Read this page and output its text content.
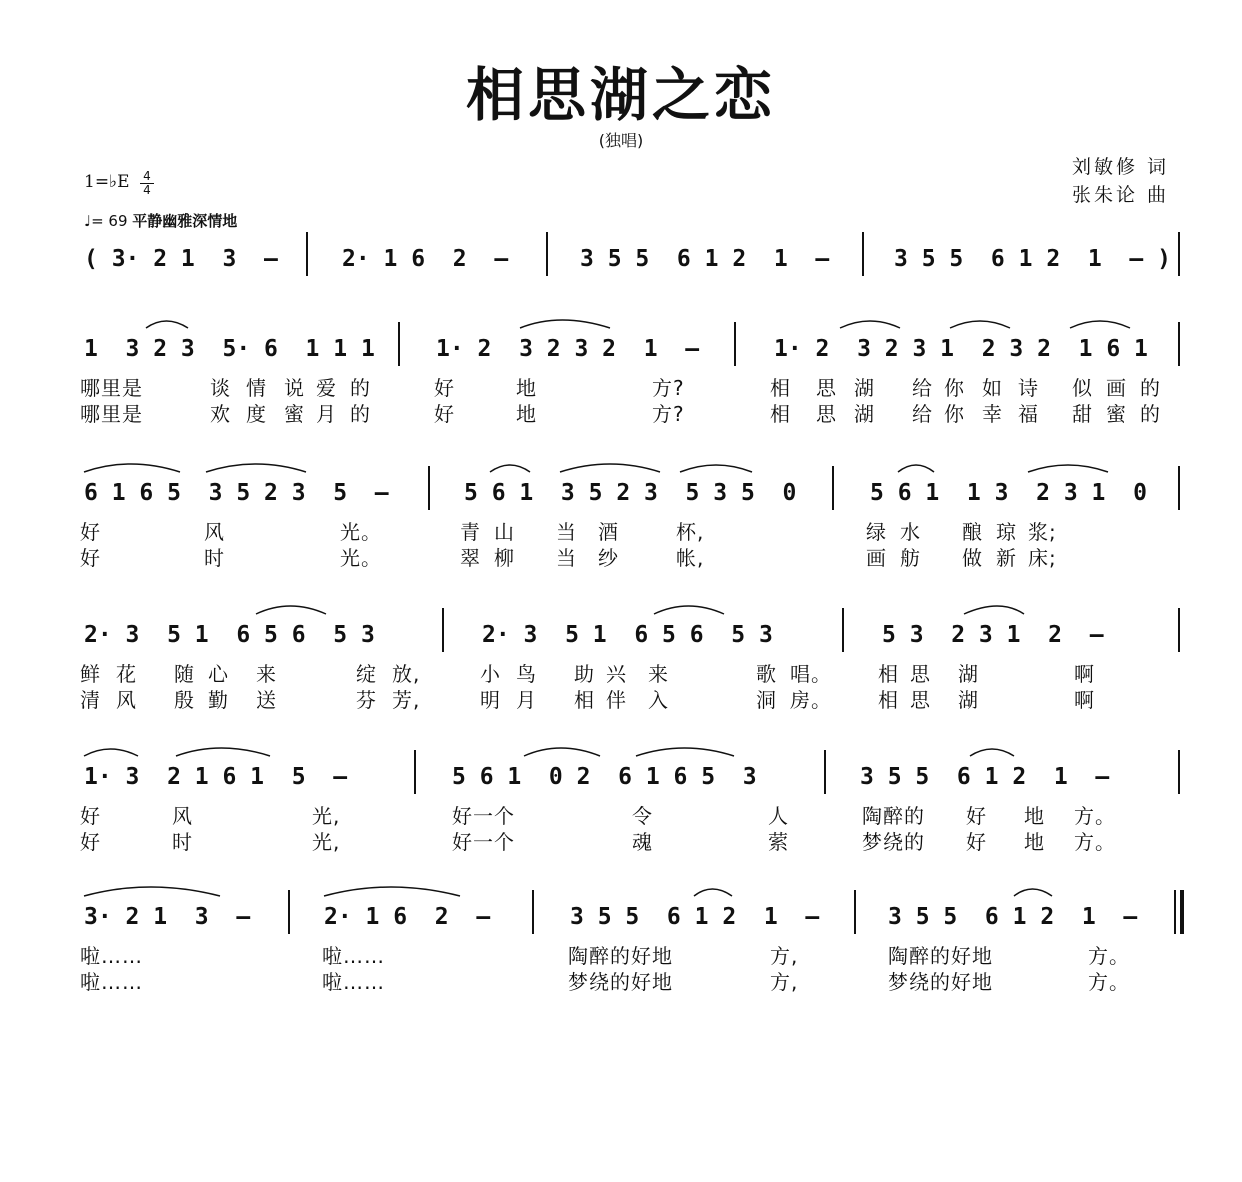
相思湖之恋
(独唱)
刘敏修 词
张朱论 曲
1=♭E 4
4
♩= 69 平静幽雅深情地

( 3· 2 1  3  –

	2· 1 6  2  –

	3 5 5  6 1 2  1  –

	3 5 5  6 1 2  1  – )

1  3 2 3  5· 6  1 1 1

	1· 2  3 2 3 2  1  –

	1· 2  3 2 3 1  2 3 2  1 6 1

哪里是	谈 情 说 爱 的	好	地	方?	相 思 湖 给 你 如 诗 似 画 的

哪里是	欢 度 蜜 月 的	好	地	方?	相 思 湖 给 你 幸 福 甜 蜜 的

6 1 6 5  3 5 2 3  5  –

	5 6 1  3 5 2 3  5 3 5  0

	5 6 1  1 3  2 3 1  0

好	风	光。	青 山 当 酒	杯,	绿 水 酿 琼 浆;

好	时	光。	翠 柳 当 纱	帐,	画 舫 做 新 床;

2· 3  5 1  6 5 6  5 3

	2· 3  5 1  6 5 6  5 3

	5 3  2 3 1  2  –

鲜 花 随 心 来	绽 放,	小 鸟 助 兴 来	歌 唱。 相 思 湖	啊

清 风 殷 勤 送	芬 芳,	明 月 相 伴 入	洞 房。 相 思 湖	啊

1· 3  2 1 6 1  5  –

	5 6 1  0 2  6 1 6 5  3

	3 5 5  6 1 2  1  –

好	风	光,	好一个	令	人	陶醉的 好 地 方。

好	时	光,	好一个	魂	萦	梦绕的 好 地 方。

3· 2 1  3  –

	2· 1 6  2  –

	3 5 5  6 1 2  1  –

	3 5 5  6 1 2  1  –

啦……	啦……	陶醉的好地	方,	陶醉的好地	方。

啦……	啦……	梦绕的好地	方,	梦绕的好地	方。
